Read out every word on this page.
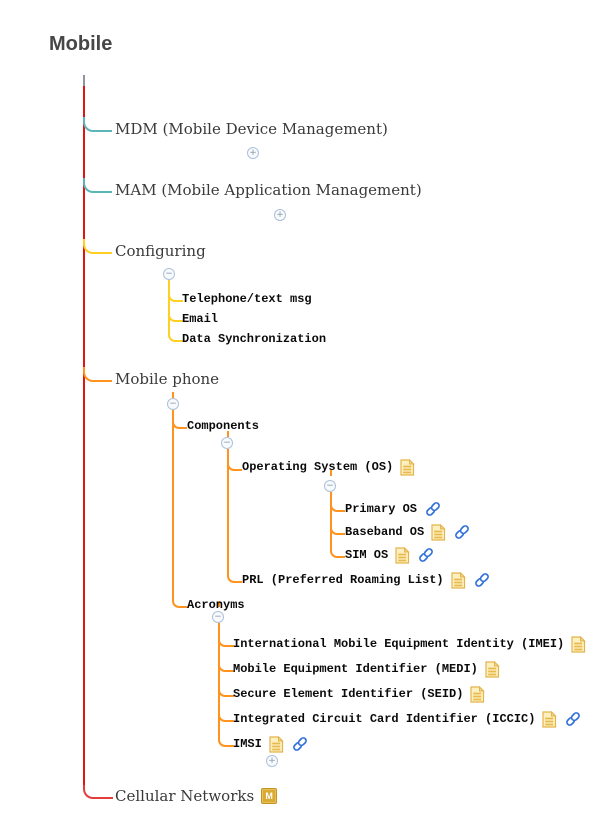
Mobile
+
+
−
−
−
−
−
+
MDM (Mobile Device Management)
MAM (Mobile Application Management)
Configuring
Mobile phone
Cellular Networks	M
Telephone/text msg
Email
Data Synchronization
Components
Operating System (OS)
Primary OS
Baseband OS
SIM OS
PRL (Preferred Roaming List)
Acronyms
International Mobile Equipment Identity (IMEI)
Mobile Equipment Identifier (MEDI)
Secure Element Identifier (SEID)
Integrated Circuit Card Identifier (ICCIC)
IMSI
